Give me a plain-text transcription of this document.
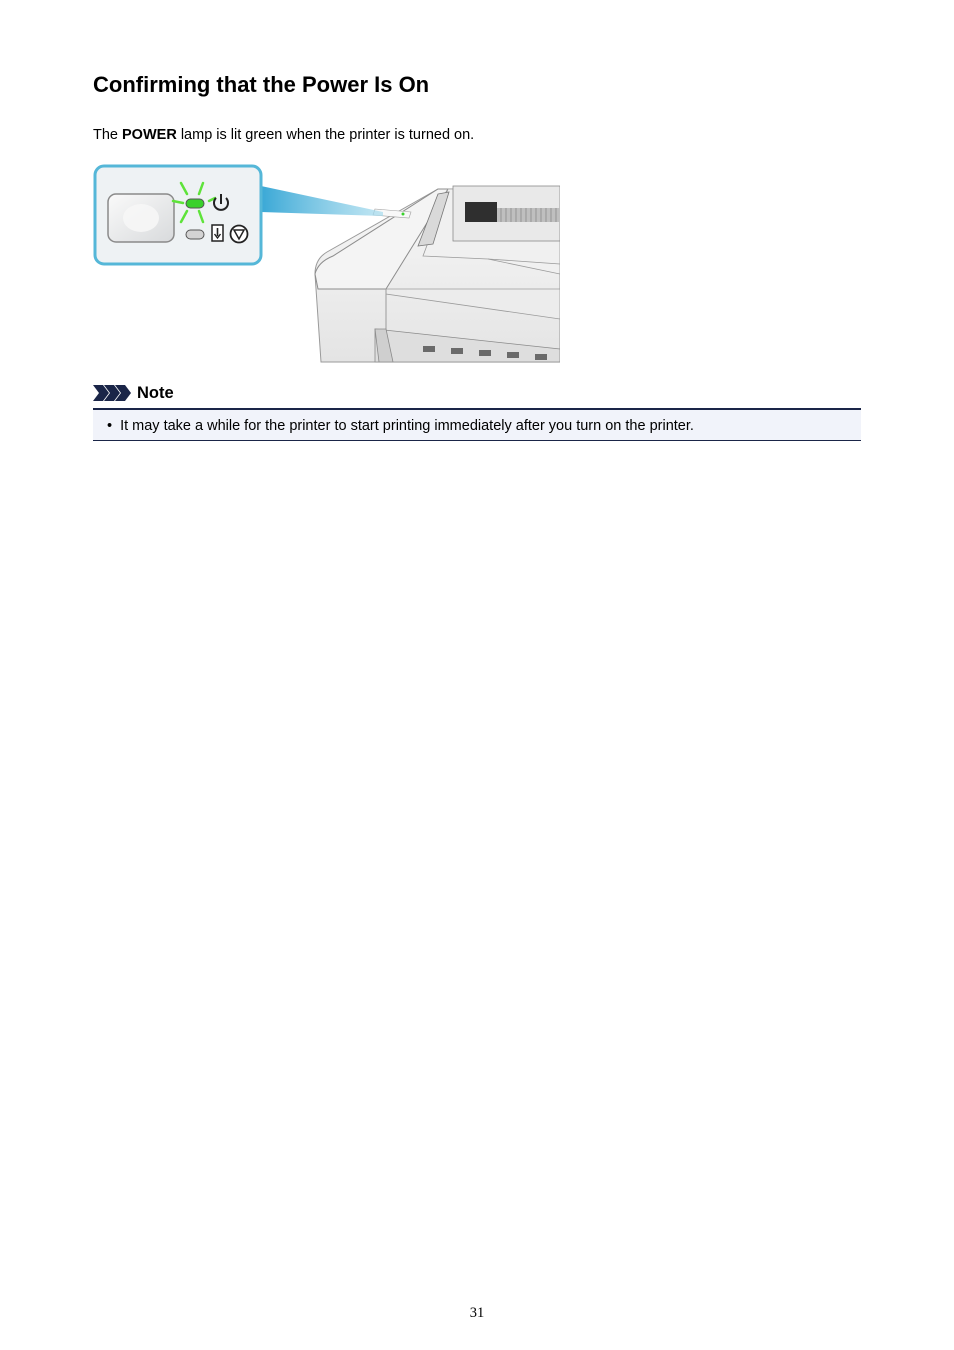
Confirming that the Power Is On

The POWER lamp is lit green when the printer is turned on.

Note
• It may take a while for the printer to start printing immediately after you turn on the printer.
31
